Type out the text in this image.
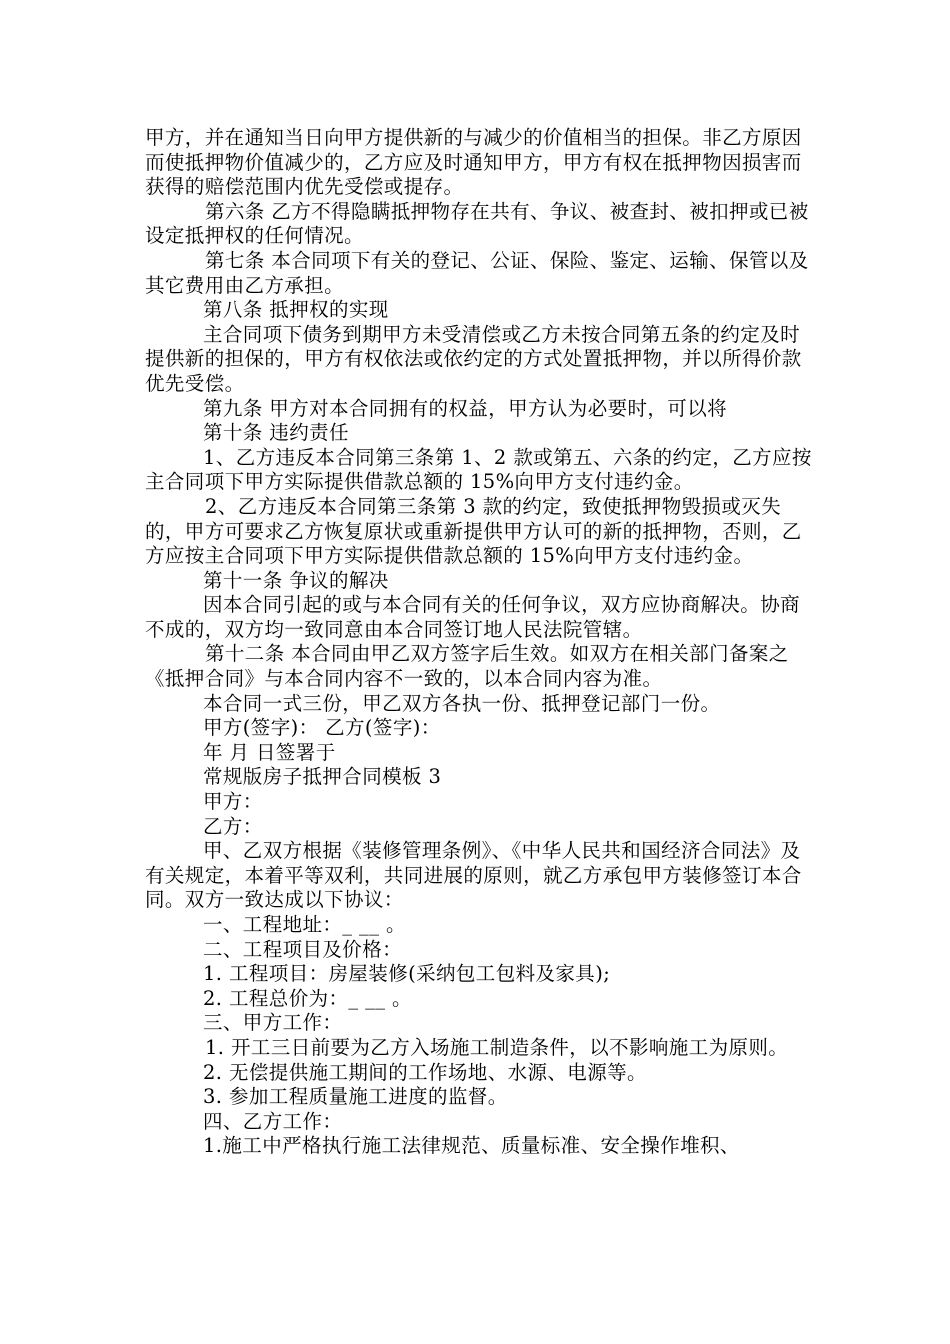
甲方，并在通知当日向甲方提供新的与减少的价值相当的担保。非乙方原因而使抵押物价值减少的，乙方应及时通知甲方，甲方有权在抵押物因损害而获得的赔偿范围内优先受偿或提存。

第六条 乙方不得隐瞒抵押物存在共有、争议、被查封、被扣押或已被设定抵押权的任何情况。

第七条 本合同项下有关的登记、公证、保险、鉴定、运输、保管以及其它费用由乙方承担。

第八条 抵押权的实现

主合同项下债务到期甲方未受清偿或乙方未按合同第五条的约定及时提供新的担保的，甲方有权依法或依约定的方式处置抵押物，并以所得价款优先受偿。

第九条 甲方对本合同拥有的权益，甲方认为必要时，可以将

第十条 违约责任

1、乙方违反本合同第三条第 1、2 款或第五、六条的约定，乙方应按主合同项下甲方实际提供借款总额的 15%向甲方支付违约金。

2、乙方违反本合同第三条第 3 款的约定，致使抵押物毁损或灭失的，甲方可要求乙方恢复原状或重新提供甲方认可的新的抵押物，否则，乙方应按主合同项下甲方实际提供借款总额的 15%向甲方支付违约金。

第十一条 争议的解决

因本合同引起的或与本合同有关的任何争议，双方应协商解决。协商不成的，双方均一致同意由本合同签订地人民法院管辖。

第十二条 本合同由甲乙双方签字后生效。如双方在相关部门备案之《抵押合同》与本合同内容不一致的，以本合同内容为准。

本合同一式三份，甲乙双方各执一份、抵押登记部门一份。

甲方(签字)： 乙方(签字)：

年 月 日签署于

常规版房子抵押合同模板 3

甲方：

乙方：

甲、乙双方根据《装修管理条例》、《中华人民共和国经济合同法》及有关规定，本着平等双利，共同进展的原则，就乙方承包甲方装修签订本合同。双方一致达成以下协议：

一、工程地址：_ __ 。

二、工程项目及价格：

1. 工程项目：房屋装修(采纳包工包料及家具);

2. 工程总价为：_ __ 。

三、甲方工作：

1. 开工三日前要为乙方入场施工制造条件，以不影响施工为原则。

2. 无偿提供施工期间的工作场地、水源、电源等。

3. 参加工程质量施工进度的监督。

四、乙方工作：

1.施工中严格执行施工法律规范、质量标准、安全操作堆积、
